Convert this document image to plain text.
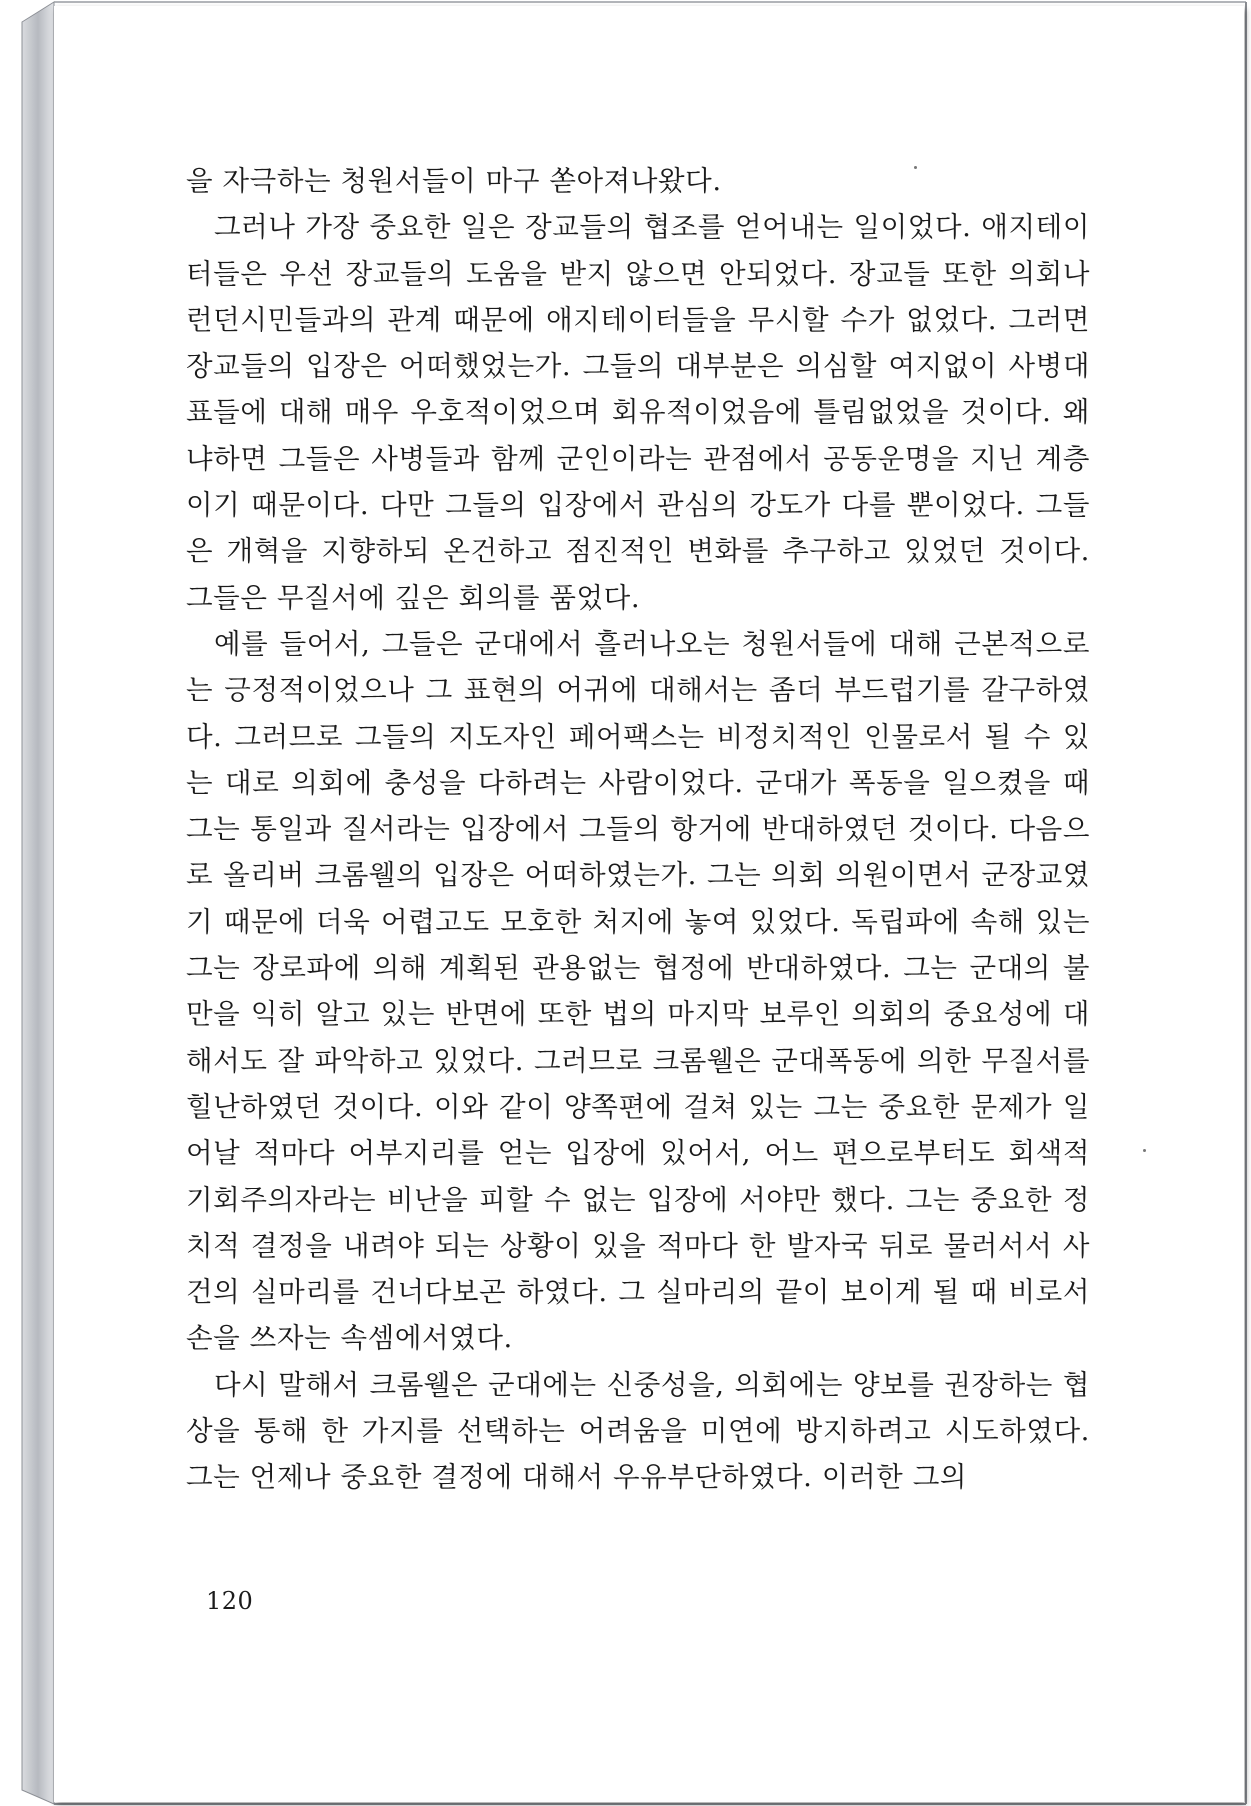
을 자극하는 청원서들이 마구 쏟아져나왔다.

그러나 가장 중요한 일은 장교들의 협조를 얻어내는 일이었다. 애지테이터들은 우선 장교들의 도움을 받지 않으면 안되었다. 장교들 또한 의회나 런던시민들과의 관계 때문에 애지테이터들을 무시할 수가 없었다. 그러면 장교들의 입장은 어떠했었는가. 그들의 대부분은 의심할 여지없이 사병대표들에 대해 매우 우호적이었으며 회유적이었음에 틀림없었을 것이다. 왜냐하면 그들은 사병들과 함께 군인이라는 관점에서 공동운명을 지닌 계층이기 때문이다. 다만 그들의 입장에서 관심의 강도가 다를 뿐이었다. 그들은 개혁을 지향하되 온건하고 점진적인 변화를 추구하고 있었던 것이다. 그들은 무질서에 깊은 회의를 품었다.

예를 들어서, 그들은 군대에서 흘러나오는 청원서들에 대해 근본적으로는 긍정적이었으나 그 표현의 어귀에 대해서는 좀더 부드럽기를 갈구하였다. 그러므로 그들의 지도자인 페어팩스는 비정치적인 인물로서 될 수 있는 대로 의회에 충성을 다하려는 사람이었다. 군대가 폭동을 일으켰을 때 그는 통일과 질서라는 입장에서 그들의 항거에 반대하였던 것이다. 다음으로 올리버 크롬웰의 입장은 어떠하였는가. 그는 의회 의원이면서 군장교였기 때문에 더욱 어렵고도 모호한 처지에 놓여 있었다. 독립파에 속해 있는 그는 장로파에 의해 계획된 관용없는 협정에 반대하였다. 그는 군대의 불만을 익히 알고 있는 반면에 또한 법의 마지막 보루인 의회의 중요성에 대해서도 잘 파악하고 있었다. 그러므로 크롬웰은 군대폭동에 의한 무질서를 힐난하였던 것이다. 이와 같이 양쪽편에 걸쳐 있는 그는 중요한 문제가 일어날 적마다 어부지리를 얻는 입장에 있어서, 어느 편으로부터도 회색적 기회주의자라는 비난을 피할 수 없는 입장에 서야만 했다. 그는 중요한 정치적 결정을 내려야 되는 상황이 있을 적마다 한 발자국 뒤로 물러서서 사건의 실마리를 건너다보곤 하였다. 그 실마리의 끝이 보이게 될 때 비로서 손을 쓰자는 속셈에서였다.

다시 말해서 크롬웰은 군대에는 신중성을, 의회에는 양보를 권장하는 협상을 통해 한 가지를 선택하는 어려움을 미연에 방지하려고 시도하였다. 그는 언제나 중요한 결정에 대해서 우유부단하였다. 이러한 그의

120
